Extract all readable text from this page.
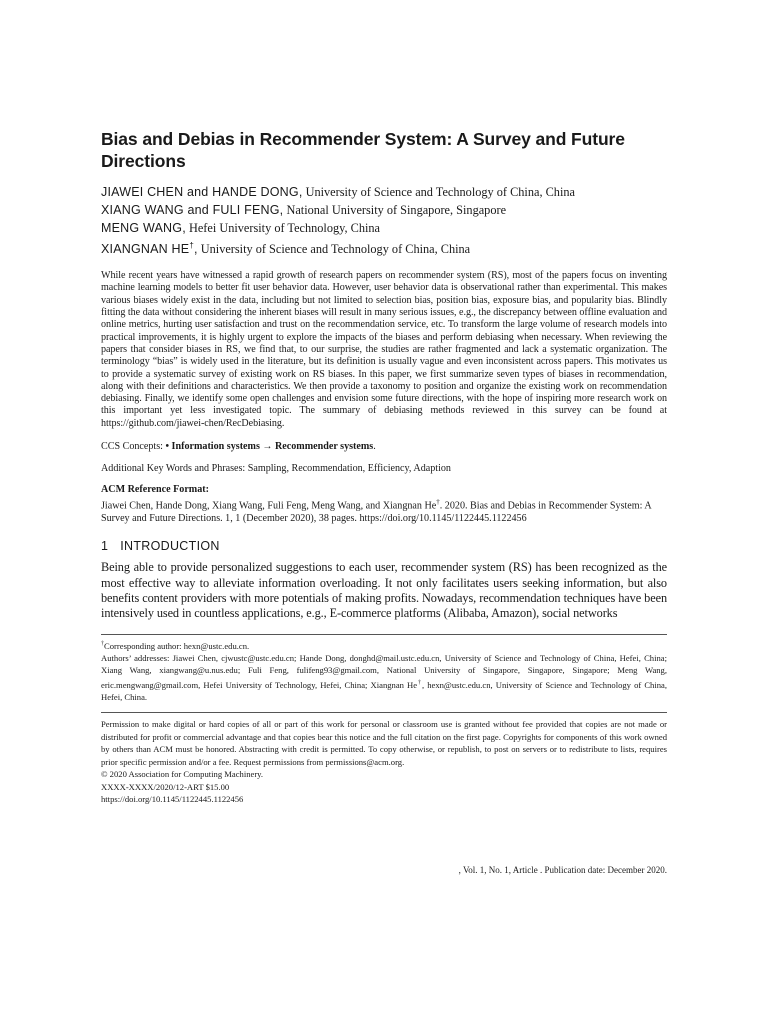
Bias and Debias in Recommender System: A Survey and Future
Directions
JIAWEI CHEN and HANDE DONG, University of Science and Technology of China, China
XIANG WANG and FULI FENG, National University of Singapore, Singapore
MENG WANG, Hefei University of Technology, China
XIANGNAN HE†, University of Science and Technology of China, China

While recent years have witnessed a rapid growth of research papers on recommender system (RS), most of the papers focus on inventing machine learning models to better fit user behavior data. However, user behavior data is observational rather than experimental. This makes various biases widely exist in the data, including but not limited to selection bias, position bias, exposure bias, and popularity bias. Blindly fitting the data without considering the inherent biases will result in many serious issues, e.g., the discrepancy between offline evaluation and online metrics, hurting user satisfaction and trust on the recommendation service, etc. To transform the large volume of research models into practical improvements, it is highly urgent to explore the impacts of the biases and perform debiasing when necessary. When reviewing the papers that consider biases in RS, we find that, to our surprise, the studies are rather fragmented and lack a systematic organization. The terminology “bias” is widely used in the literature, but its definition is usually vague and even inconsistent across papers. This motivates us to provide a systematic survey of existing work on RS biases. In this paper, we first summarize seven types of biases in recommendation, along with their definitions and characteristics. We then provide a taxonomy to position and organize the existing work on recommendation debiasing. Finally, we identify some open challenges and envision some future directions, with the hope of inspiring more research work on this important yet less investigated topic. The summary of debiasing methods reviewed in this survey can be found at https://github.com/jiawei-chen/RecDebiasing.

CCS Concepts: • Information systems → Recommender systems.
Additional Key Words and Phrases: Sampling, Recommendation, Efficiency, Adaption
ACM Reference Format:
Jiawei Chen, Hande Dong, Xiang Wang, Fuli Feng, Meng Wang, and Xiangnan He†. 2020. Bias and Debias in Recommender System: A Survey and Future Directions. 1, 1 (December 2020), 38 pages. https://doi.org/10.1145/1122445.1122456
1 INTRODUCTION

Being able to provide personalized suggestions to each user, recommender system (RS) has been recognized as the most effective way to alleviate information overloading. It not only facilitates users seeking information, but also benefits content providers with more potentials of making profits. Nowadays, recommendation techniques have been intensively used in countless applications, e.g., E-commerce platforms (Alibaba, Amazon), social networks

†Corresponding author: hexn@ustc.edu.cn.
Authors’ addresses: Jiawei Chen, cjwustc@ustc.edu.cn; Hande Dong, donghd@mail.ustc.edu.cn, University of Science and Technology of China, Hefei, China; Xiang Wang, xiangwang@u.nus.edu; Fuli Feng, fulifeng93@gmail.com, National University of Singapore, Singapore, Singapore; Meng Wang, eric.mengwang@gmail.com, Hefei University of Technology, Hefei, China; Xiangnan He†, hexn@ustc.edu.cn, University of Science and Technology of China, Hefei, China.
Permission to make digital or hard copies of all or part of this work for personal or classroom use is granted without fee provided that copies are not made or distributed for profit or commercial advantage and that copies bear this notice and the full citation on the first page. Copyrights for components of this work owned by others than ACM must be honored. Abstracting with credit is permitted. To copy otherwise, or republish, to post on servers or to redistribute to lists, requires prior specific permission and/or a fee. Request permissions from permissions@acm.org.
© 2020 Association for Computing Machinery.
XXXX-XXXX/2020/12-ART $15.00
https://doi.org/10.1145/1122445.1122456
, Vol. 1, No. 1, Article . Publication date: December 2020.
